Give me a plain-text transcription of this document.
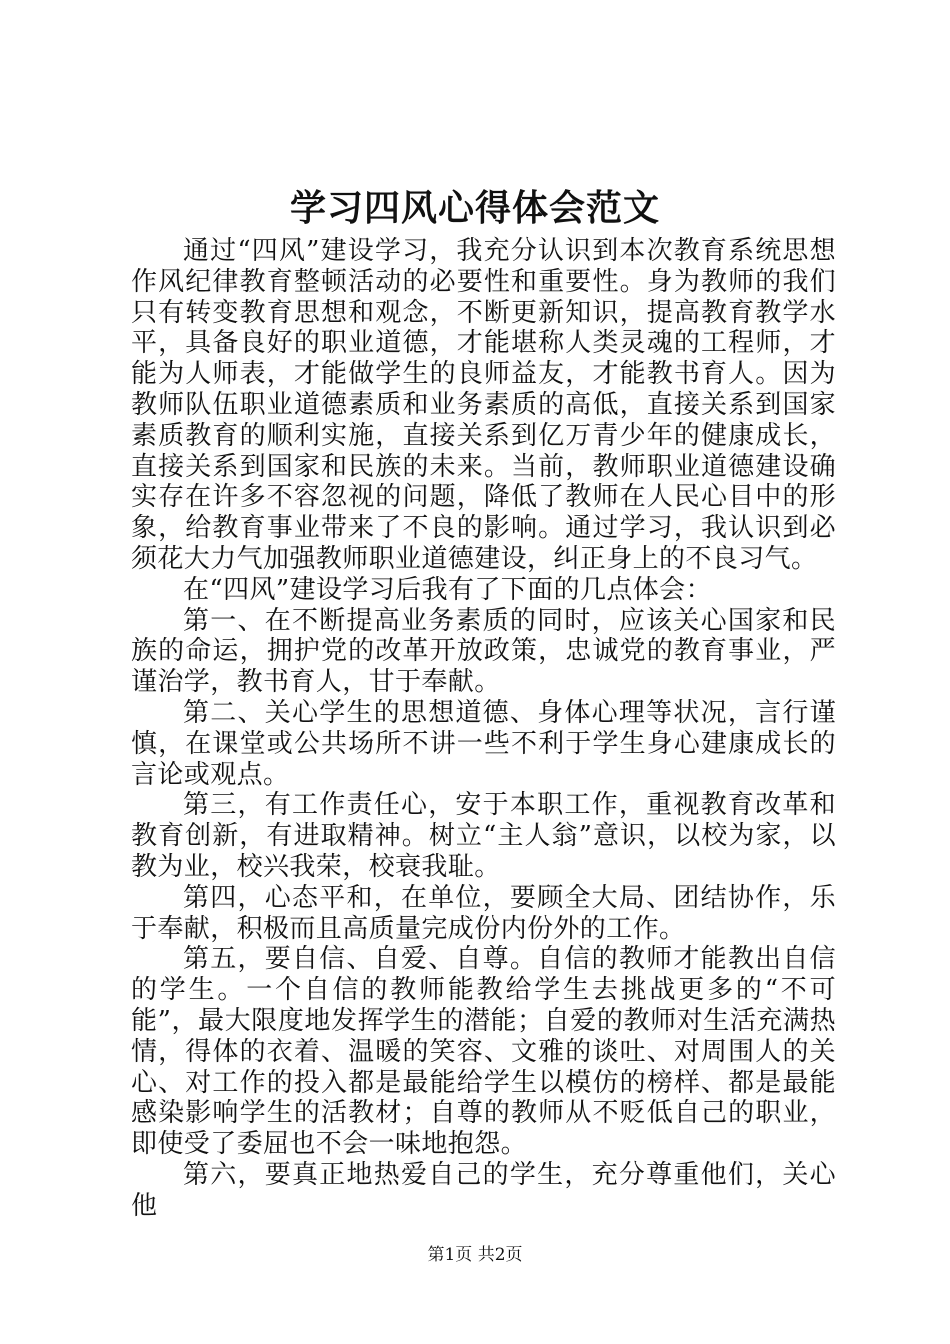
学习四风心得体会范文

通过“四风”建设学习，我充分认识到本次教育系统思想作风纪律教育整顿活动的必要性和重要性。身为教师的我们只有转变教育思想和观念，不断更新知识，提高教育教学水平，具备良好的职业道德，才能堪称人类灵魂的工程师，才能为人师表，才能做学生的良师益友，才能教书育人。因为教师队伍职业道德素质和业务素质的高低，直接关系到国家素质教育的顺利实施，直接关系到亿万青少年的健康成长，直接关系到国家和民族的未来。当前，教师职业道德建设确实存在许多不容忽视的问题，降低了教师在人民心目中的形象，给教育事业带来了不良的影响。通过学习，我认识到必须花大力气加强教师职业道德建设，纠正身上的不良习气。

在“四风”建设学习后我有了下面的几点体会：

第一、在不断提高业务素质的同时，应该关心国家和民族的命运，拥护党的改革开放政策，忠诚党的教育事业，严谨治学，教书育人，甘于奉献。

第二、关心学生的思想道德、身体心理等状况，言行谨慎，在课堂或公共场所不讲一些不利于学生身心建康成长的言论或观点。

第三，有工作责任心，安于本职工作，重视教育改革和教育创新，有进取精神。树立“主人翁”意识，以校为家，以教为业，校兴我荣，校衰我耻。

第四，心态平和，在单位，要顾全大局、团结协作，乐于奉献，积极而且高质量完成份内份外的工作。

第五，要自信、自爱、自尊。自信的教师才能教出自信的学生。一个自信的教师能教给学生去挑战更多的“不可能”，最大限度地发挥学生的潜能；自爱的教师对生活充满热情，得体的衣着、温暖的笑容、文雅的谈吐、对周围人的关心、对工作的投入都是最能给学生以模仿的榜样、都是最能感染影响学生的活教材；自尊的教师从不贬低自己的职业，即使受了委屈也不会一味地抱怨。

第六，要真正地热爱自己的学生，充分尊重他们，关心他

第1页 共2页
